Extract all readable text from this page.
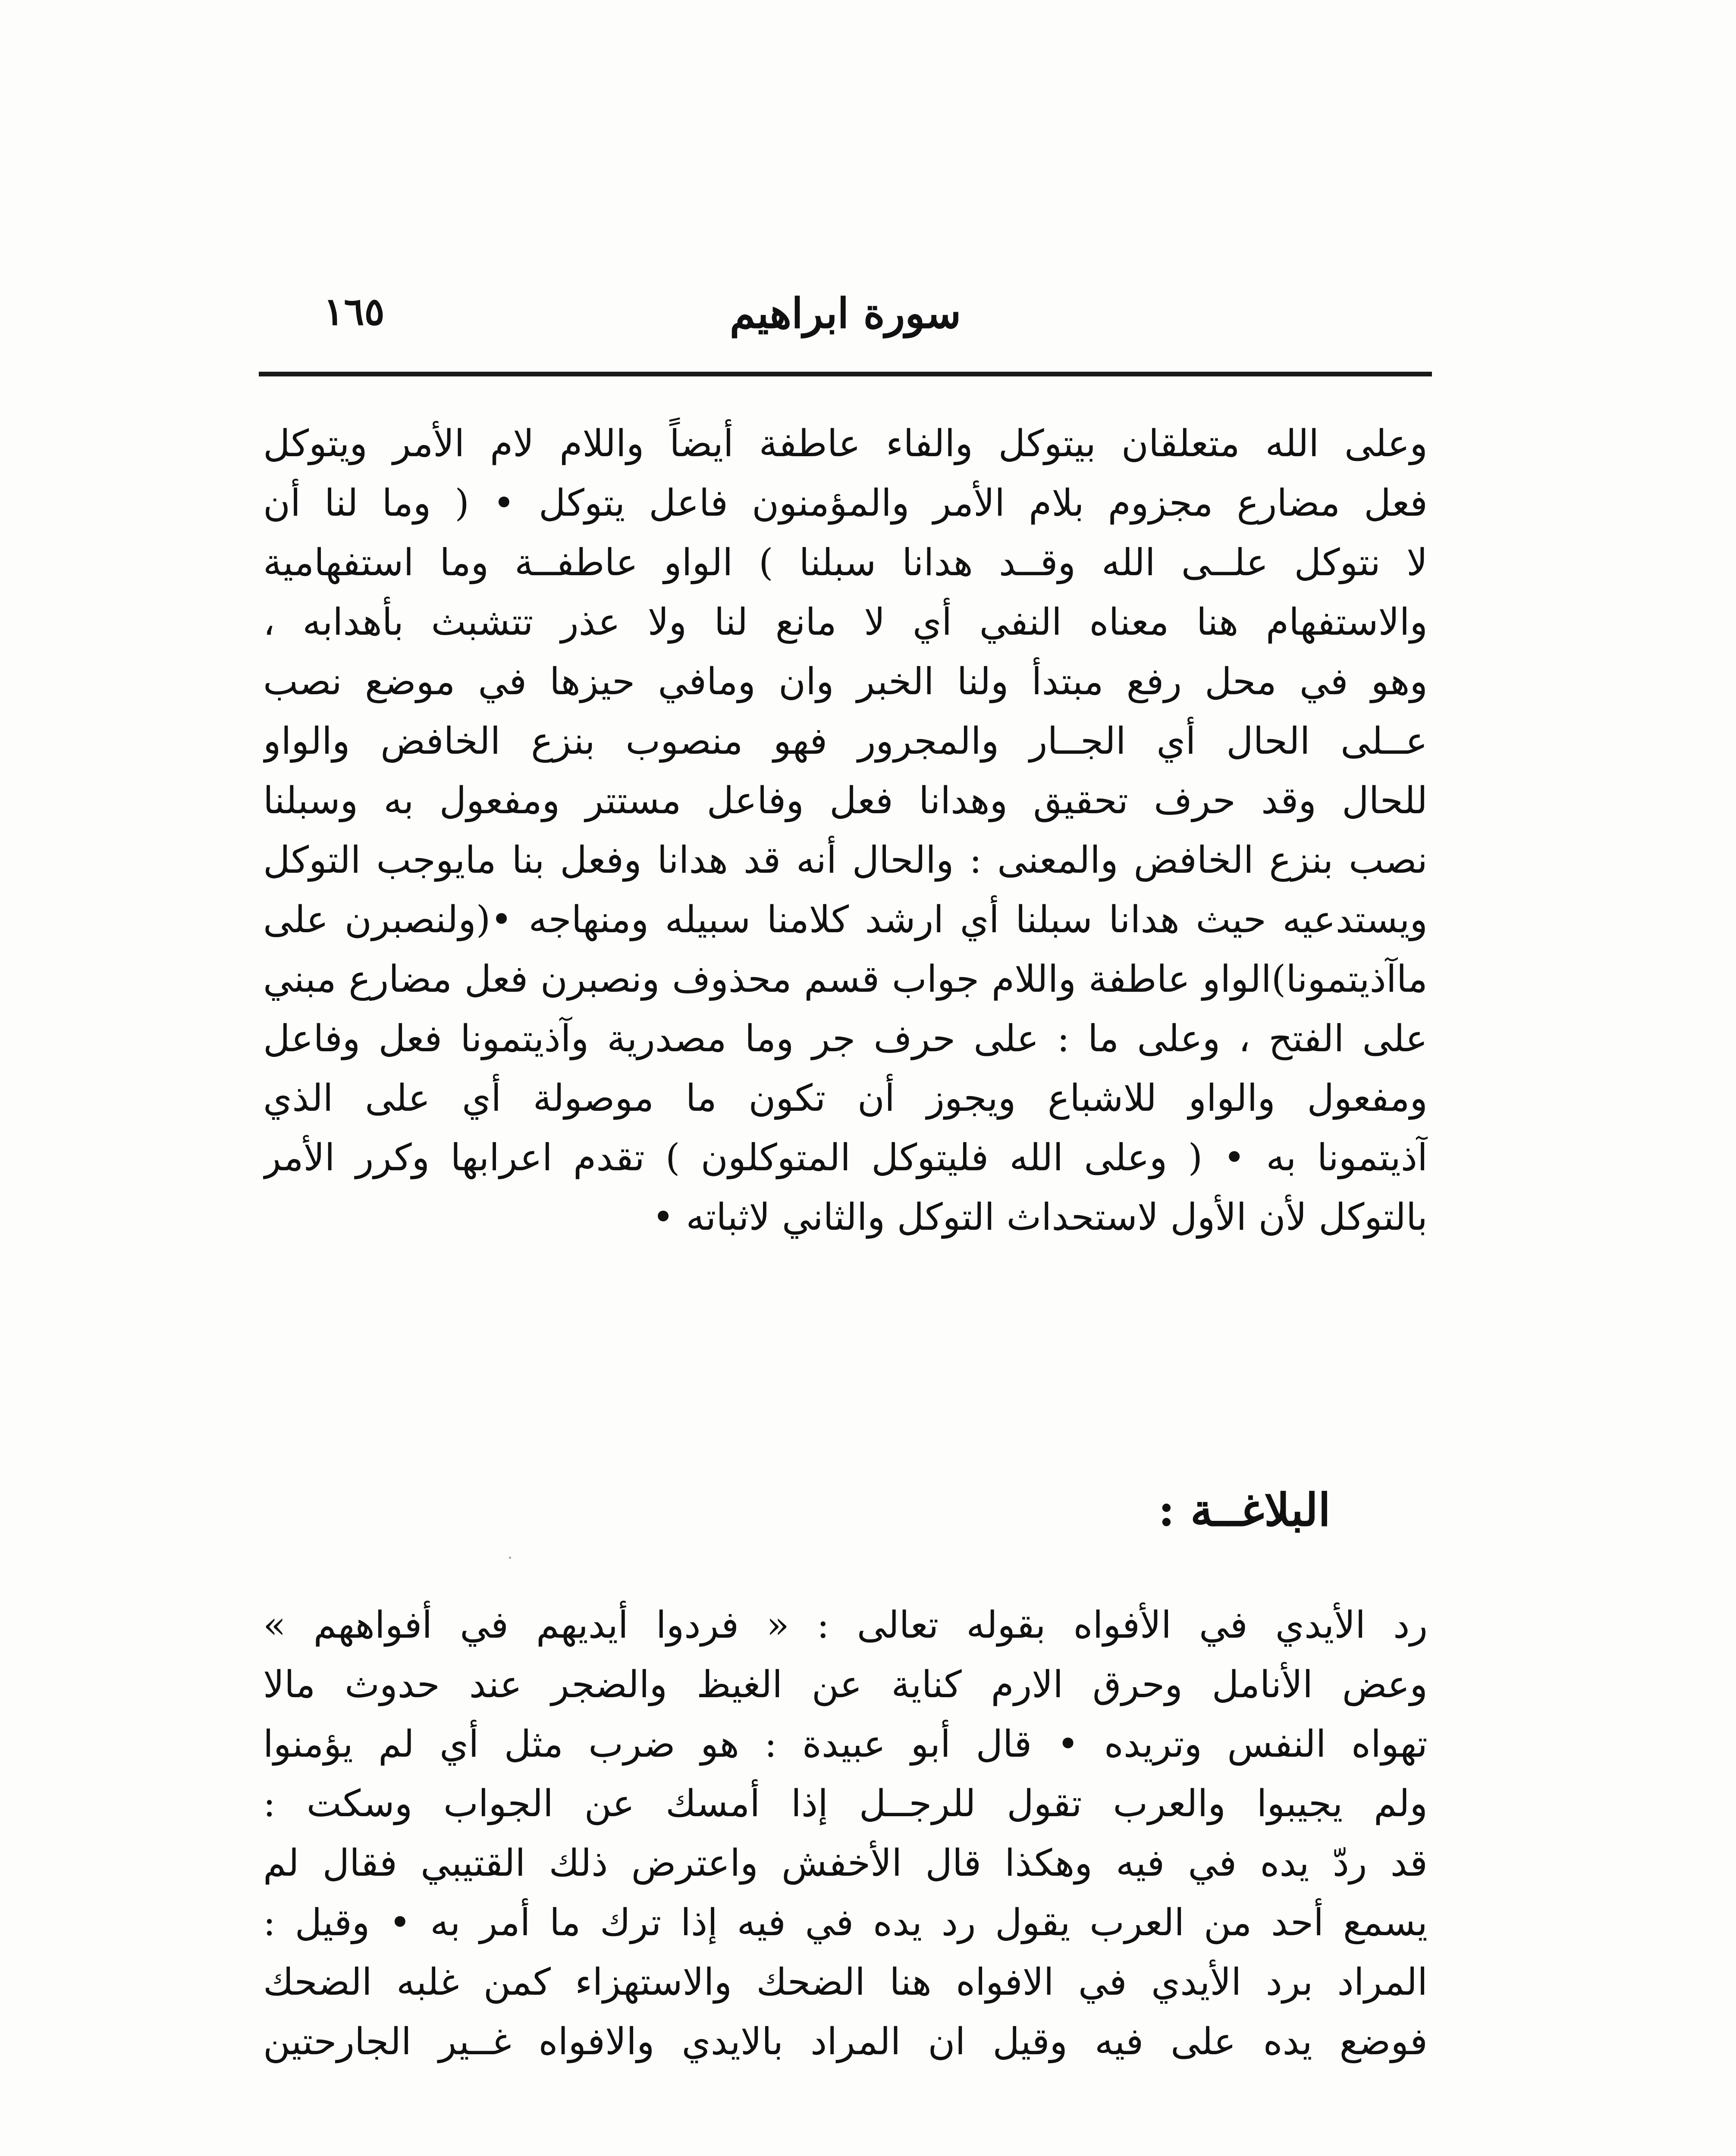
١٦٥	سورة ابراهيم
وعلى الله متعلقان بيتوكل والفاء عاطفة أيضاً واللام لام الأمر ويتوكل
فعل مضارع مجزوم بلام الأمر والمؤمنون فاعل يتوكل • ( وما لنا أن
لا نتوكل علــى الله وقــد هدانا سبلنا ) الواو عاطفــة وما استفهامية
والاستفهام هنا معناه النفي أي لا مانع لنا ولا عذر تتشبث بأهدابه ،
وهو في محل رفع مبتدأ ولنا الخبر وان ومافي حيزها في موضع نصب
عــلى الحال أي الجــار والمجرور فهو منصوب بنزع الخافض والواو
للحال وقد حرف تحقيق وهدانا فعل وفاعل مستتر ومفعول به وسبلنا
نصب بنزع الخافض والمعنى : والحال أنه قد هدانا وفعل بنا مايوجب التوكل
ويستدعيه حيث هدانا سبلنا أي ارشد كلامنا سبيله ومنهاجه •(ولنصبرن على
ماآذيتمونا)الواو عاطفة واللام جواب قسم محذوف ونصبرن فعل مضارع مبني
على الفتح ، وعلى ما : على حرف جر وما مصدرية وآذيتمونا فعل وفاعل
ومفعول والواو للاشباع ويجوز أن تكون ما موصولة أي على الذي
آذيتمونا به • ( وعلى الله فليتوكل المتوكلون ) تقدم اعرابها وكرر الأمر
بالتوكل لأن الأول لاستحداث التوكل والثاني لاثباته •
البلاغــة :
رد الأيدي في الأفواه بقوله تعالى : « فردوا أيديهم في أفواههم »
وعض الأنامل وحرق الارم كناية عن الغيظ والضجر عند حدوث مالا
تهواه النفس وتريده • قال أبو عبيدة : هو ضرب مثل أي لم يؤمنوا
ولم يجيبوا والعرب تقول للرجــل إذا أمسك عن الجواب وسكت :
قد ردّ يده في فيه وهكذا قال الأخفش واعترض ذلك القتيبي فقال لم
يسمع أحد من العرب يقول رد يده في فيه إذا ترك ما أمر به • وقيل :
المراد برد الأيدي في الافواه هنا الضحك والاستهزاء كمن غلبه الضحك
فوضع يده على فيه وقيل ان المراد بالايدي والافواه غــير الجارحتين
